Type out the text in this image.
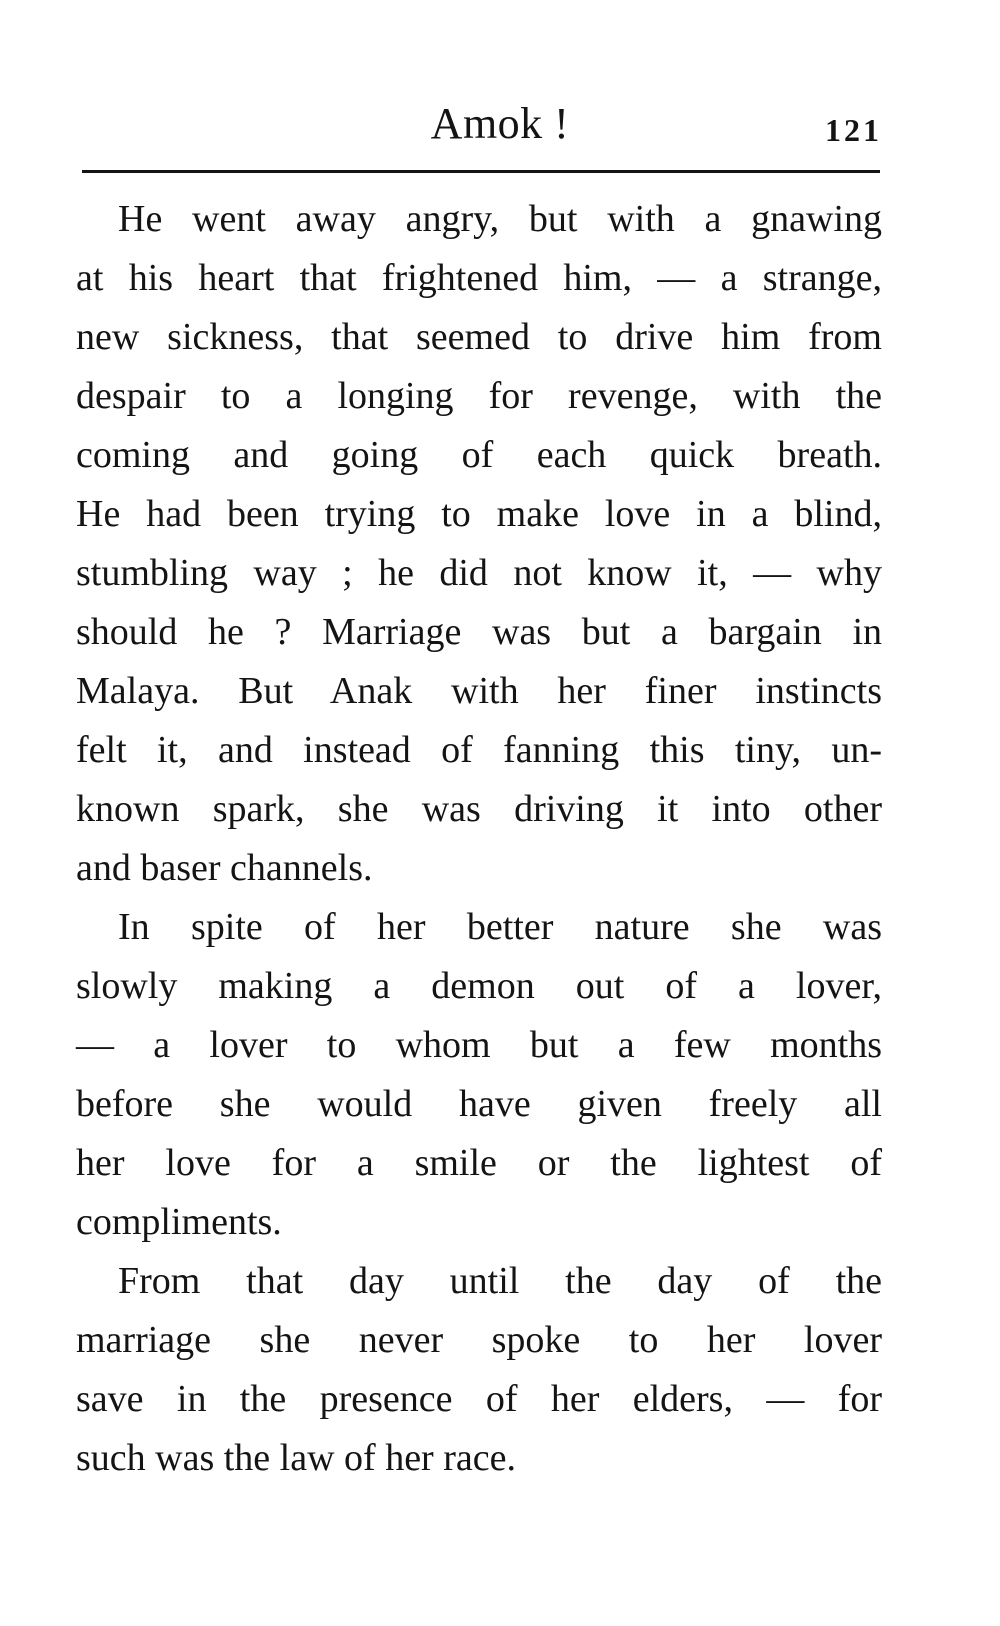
Amok !	121
He went away angry, but with a gnawing
at his heart that frightened him, — a strange,
new sickness, that seemed to drive him from
despair to a longing for revenge, with the
coming and going of each quick breath.
He had been trying to make love in a blind,
stumbling way ; he did not know it, — why
should he ? Marriage was but a bargain in
Malaya. But Anak with her finer instincts
felt it, and instead of fanning this tiny, un-
known spark, she was driving it into other
and baser channels.
In spite of her better nature she was
slowly making a demon out of a lover,
— a lover to whom but a few months
before she would have given freely all
her love for a smile or the lightest of
compliments.
From that day until the day of the
marriage she never spoke to her lover
save in the presence of her elders, — for
such was the law of her race.
